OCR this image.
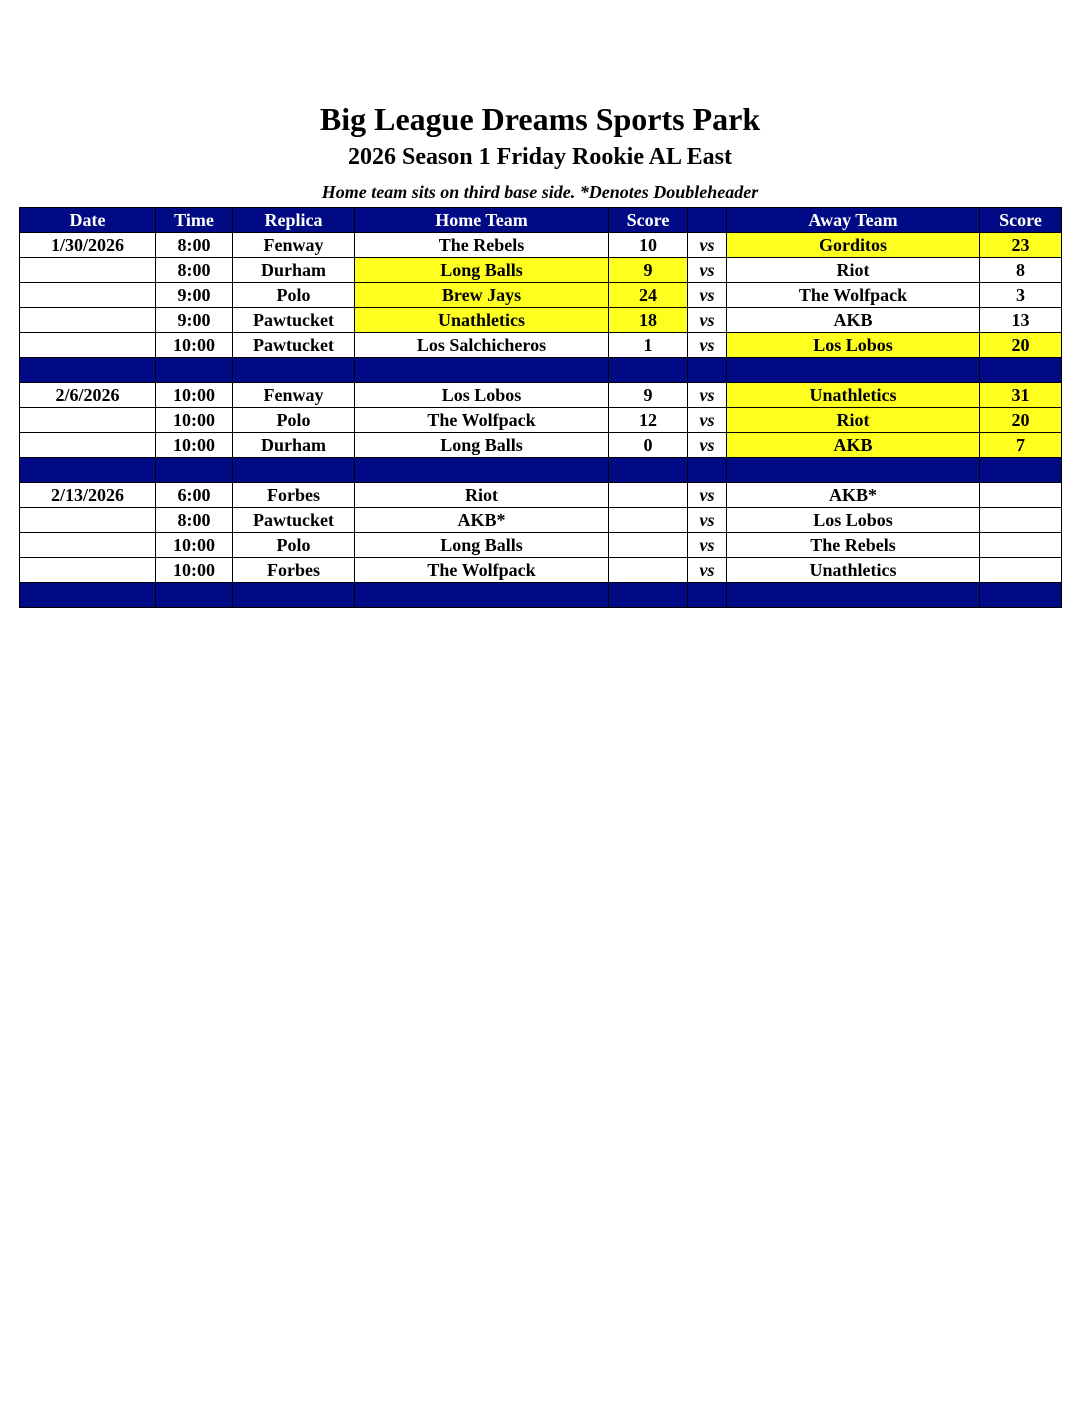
Big League Dreams Sports Park
2026 Season 1 Friday Rookie AL East
Home team sits on third base side. *Denotes Doubleheader
Date	Time	Replica	Home Team	Score		Away Team	Score
1/30/2026	8:00	Fenway	The Rebels	10	vs	Gorditos	23
	8:00	Durham	Long Balls	9	vs	Riot	8
	9:00	Polo	Brew Jays	24	vs	The Wolfpack	3
	9:00	Pawtucket	Unathletics	18	vs	AKB	13
	10:00	Pawtucket	Los Salchicheros	1	vs	Los Lobos	20

2/6/2026	10:00	Fenway	Los Lobos	9	vs	Unathletics	31
	10:00	Polo	The Wolfpack	12	vs	Riot	20
	10:00	Durham	Long Balls	0	vs	AKB	7

2/13/2026	6:00	Forbes	Riot		vs	AKB*	
	8:00	Pawtucket	AKB*		vs	Los Lobos	
	10:00	Polo	Long Balls		vs	The Rebels	
	10:00	Forbes	The Wolfpack		vs	Unathletics	
